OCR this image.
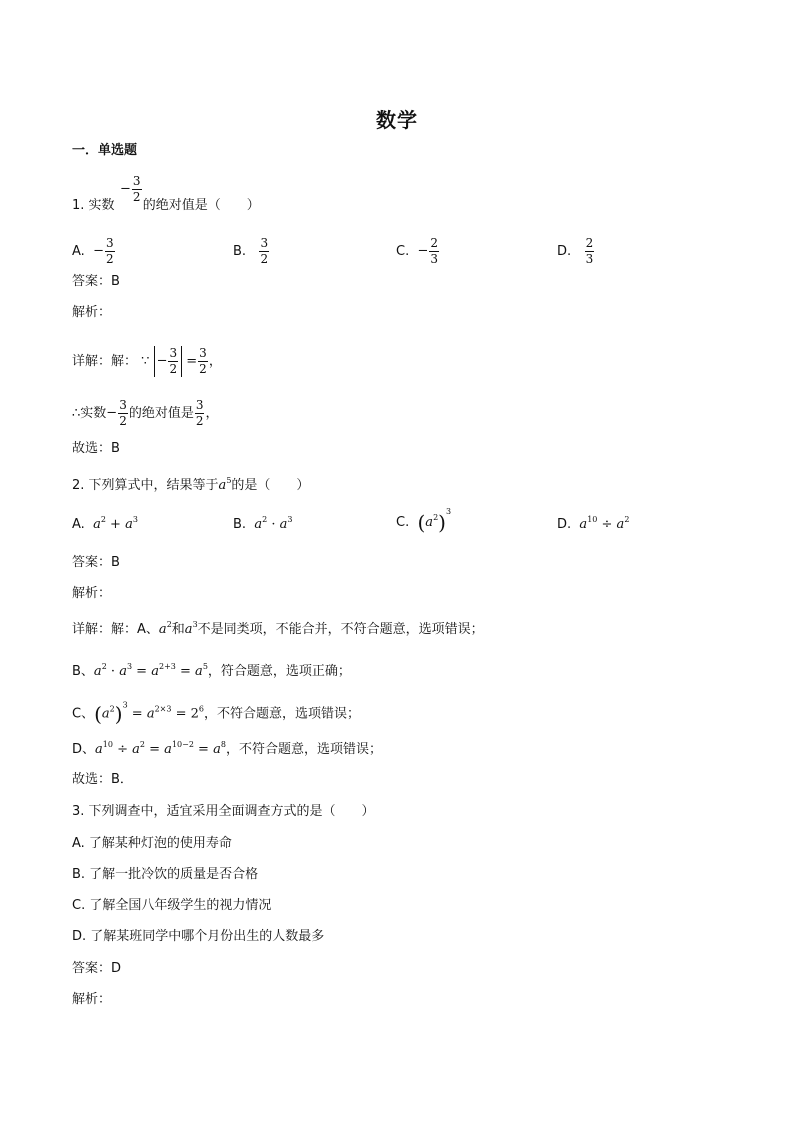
数学
一．单选题
1. 实数
− $\frac{3}{2}$
的绝对值是（　　）
A.  − $\frac{3}{2}$	B. $\frac{3}{2}$	C.  − $\frac{2}{3}$	D. $\frac{2}{3}$
答案：B
解析：
详解：解： ∵ − $\frac{3}{2} = \frac{3}{2}$ ，
∴实数− $\frac{3}{2}$ 的绝对值是 $\frac{3}{2}$ ，
故选：B
2. 下列算式中，结果等于$a^5$的是（　　）
A. $a^2 + a^3$	B. $a^2 \cdot a^3$	C. $(a^2)^3$
D. $a^{10} \div a^2$
答案：B
解析：
详解：解：A、$a^2$和$a^3$不是同类项，不能合并，不符合题意，选项错误；
B、$a^2 \cdot a^3 = a^{2+3} = a^5$，符合题意，选项正确；
C、$(a^2)^3 = a^{2\times 3} = 2^6$，不符合题意，选项错误；
D、$a^{10} \div a^2 = a^{10-2} = a^8$，不符合题意，选项错误；
故选：B．
3. 下列调查中，适宜采用全面调查方式的是（　　）
A. 了解某种灯泡的使用寿命
B. 了解一批冷饮的质量是否合格
C. 了解全国八年级学生的视力情况
D. 了解某班同学中哪个月份出生的人数最多
答案：D
解析：
